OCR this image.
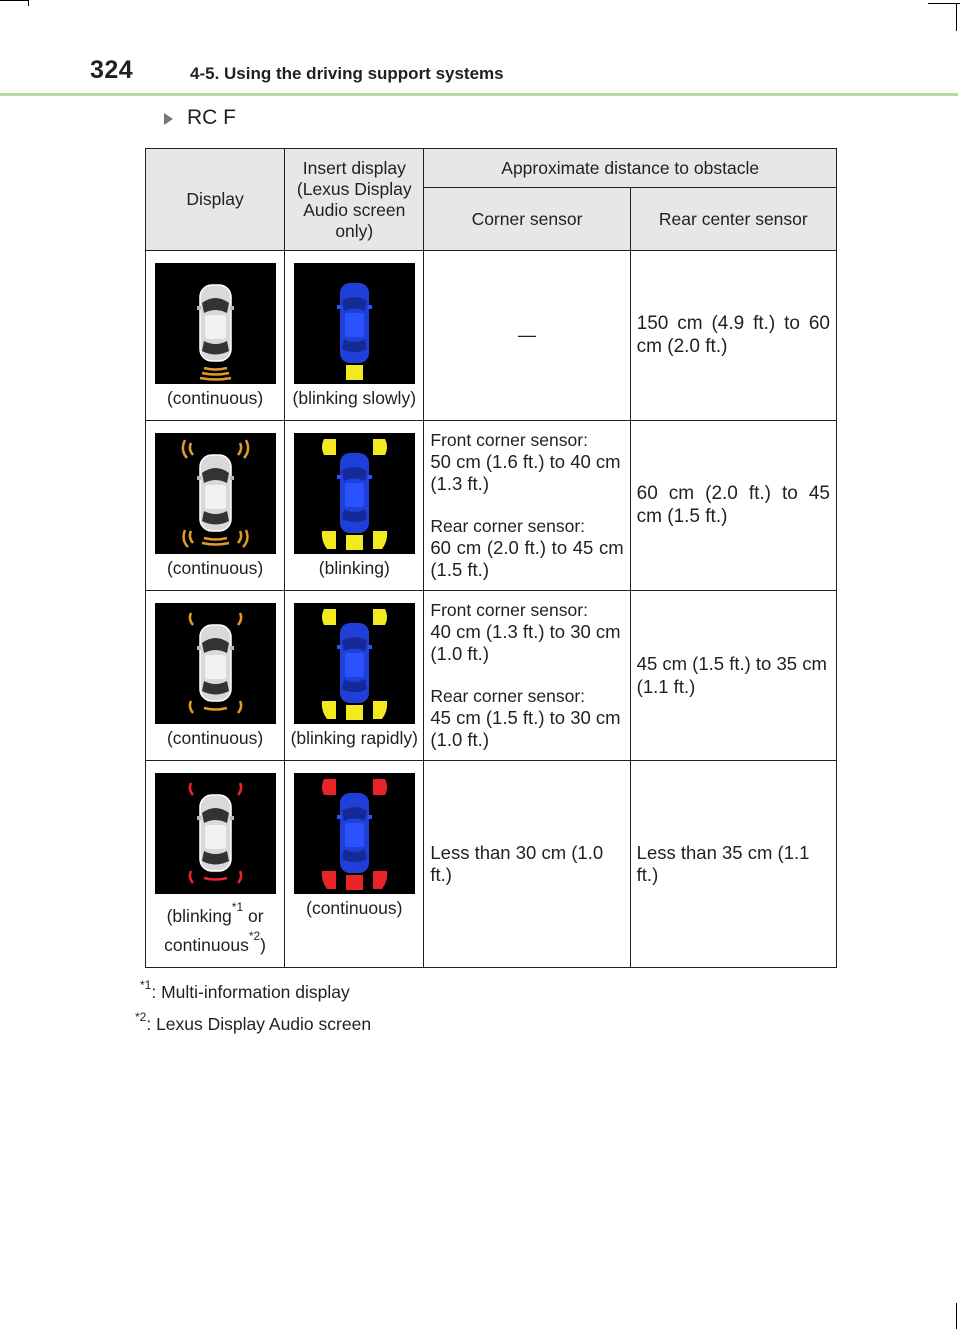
324	4-5. Using the driving support systems
RC F
Display	Insert display (Lexus Display Audio screen only)	Approximate distance to obstacle	
		Corner sensor	Rear center sensor

(continuous)	(blinking slowly)	—	150 cm (4.9 ft.) to 60 cm (2.0 ft.)

(continuous)	(blinking)	Front corner sensor:
50 cm (1.6 ft.) to 40 cm (1.3 ft.)
Rear corner sensor:
60 cm (2.0 ft.) to 45 cm (1.5 ft.)	60 cm (2.0 ft.) to 45 cm (1.5 ft.)

(continuous)	(blinking rapidly)	Front corner sensor:
40 cm (1.3 ft.) to 30 cm (1.0 ft.)
Rear corner sensor:
45 cm (1.5 ft.) to 30 cm (1.0 ft.)	45 cm (1.5 ft.) to 35 cm (1.1 ft.)

(blinking$^{*1}$ or
continuous$^{*2}$)	(continuous)	Less than 30 cm (1.0 ft.)	Less than 35 cm (1.1 ft.)
$^{*1}$: Multi-information display
$^{*2}$: Lexus Display Audio screen
